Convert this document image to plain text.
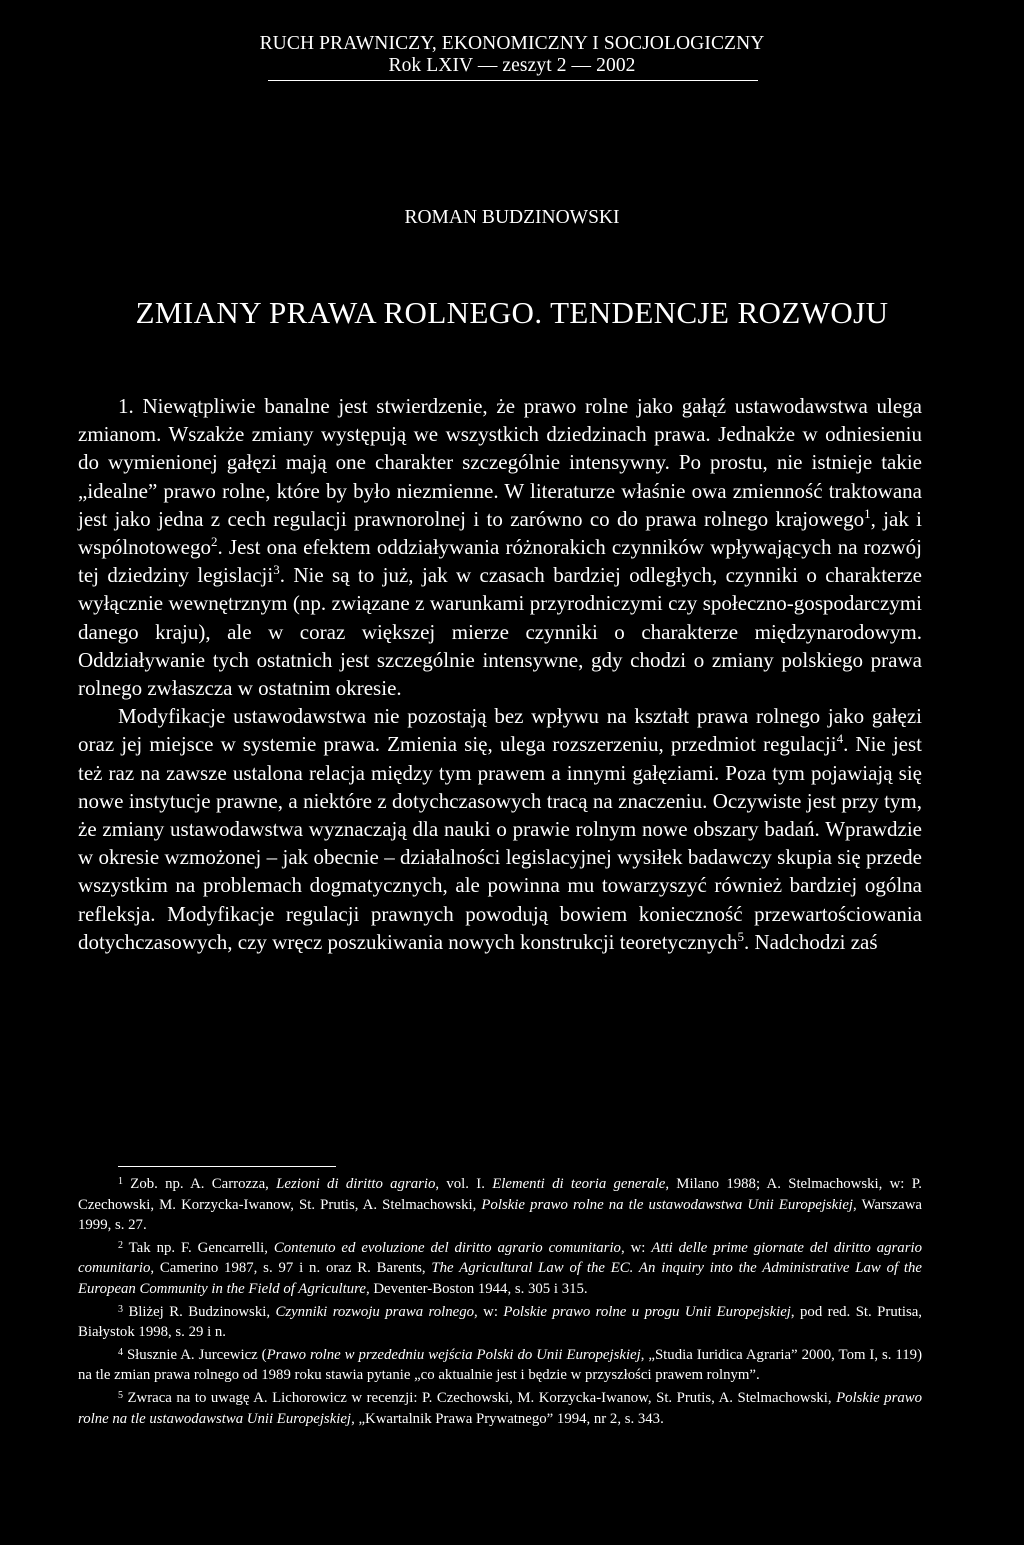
RUCH PRAWNICZY, EKONOMICZNY I SOCJOLOGICZNY
Rok LXIV — zeszyt 2 — 2002
ROMAN BUDZINOWSKI
ZMIANY PRAWA ROLNEGO. TENDENCJE ROZWOJU

1. Niewątpliwie banalne jest stwierdzenie, że prawo rolne jako gałąź ustawodawstwa ulega zmianom. Wszakże zmiany występują we wszystkich dziedzinach prawa. Jednakże w odniesieniu do wymienionej gałęzi mają one charakter szczególnie intensywny. Po prostu, nie istnieje takie „idealne” prawo rolne, które by było niezmienne. W literaturze właśnie owa zmienność traktowana jest jako jedna z cech regulacji prawnorolnej i to zarówno co do prawa rolnego krajowego$^1$, jak i wspólnotowego$^2$. Jest ona efektem oddziaływania różnorakich czynników wpływających na rozwój tej dziedziny legislacji$^3$. Nie są to już, jak w czasach bardziej odległych, czynniki o charakterze wyłącznie wewnętrznym (np. związane z warunkami przyrodniczymi czy społeczno-gospodarczymi danego kraju), ale w coraz większej mierze czynniki o charakterze międzynarodowym. Oddziaływanie tych ostatnich jest szczególnie intensywne, gdy chodzi o zmiany polskiego prawa rolnego zwłaszcza w ostatnim okresie.

Modyfikacje ustawodawstwa nie pozostają bez wpływu na kształt prawa rolnego jako gałęzi oraz jej miejsce w systemie prawa. Zmienia się, ulega rozszerzeniu, przedmiot regulacji$^4$. Nie jest też raz na zawsze ustalona relacja między tym prawem a innymi gałęziami. Poza tym pojawiają się nowe instytucje prawne, a niektóre z dotychczasowych tracą na znaczeniu. Oczywiste jest przy tym, że zmiany ustawodawstwa wyznaczają dla nauki o prawie rolnym nowe obszary badań. Wprawdzie w okresie wzmożonej – jak obecnie – działalności legislacyjnej wysiłek badawczy skupia się przede wszystkim na problemach dogmatycznych, ale powinna mu towarzyszyć również bardziej ogólna refleksja. Modyfikacje regulacji prawnych powodują bowiem konieczność przewartościowania dotychczasowych, czy wręcz poszukiwania nowych konstrukcji teoretycznych$^5$. Nadchodzi zaś

$^1$ Zob. np. A. Carrozza, Lezioni di diritto agrario, vol. I. Elementi di teoria generale, Milano 1988; A. Stelmachowski, w: P. Czechowski, M. Korzycka-Iwanow, St. Prutis, A. Stelmachowski, Polskie prawo rolne na tle ustawodawstwa Unii Europejskiej, Warszawa 1999, s. 27.

$^2$ Tak np. F. Gencarrelli, Contenuto ed evoluzione del diritto agrario comunitario, w: Atti delle prime giornate del diritto agrario comunitario, Camerino 1987, s. 97 i n. oraz R. Barents, The Agricultural Law of the EC. An inquiry into the Administrative Law of the European Community in the Field of Agriculture, Deventer-Boston 1944, s. 305 i 315.

$^3$ Bliżej R. Budzinowski, Czynniki rozwoju prawa rolnego, w: Polskie prawo rolne u progu Unii Europejskiej, pod red. St. Prutisa, Białystok 1998, s. 29 i n.

$^4$ Słusznie A. Jurcewicz (Prawo rolne w przededniu wejścia Polski do Unii Europejskiej, „Studia Iuridica Agraria” 2000, Tom I, s. 119) na tle zmian prawa rolnego od 1989 roku stawia pytanie „co aktualnie jest i będzie w przyszłości prawem rolnym”.

$^5$ Zwraca na to uwagę A. Lichorowicz w recenzji: P. Czechowski, M. Korzycka-Iwanow, St. Prutis, A. Stelmachowski, Polskie prawo rolne na tle ustawodawstwa Unii Europejskiej, „Kwartalnik Prawa Prywatnego” 1994, nr 2, s. 343.
